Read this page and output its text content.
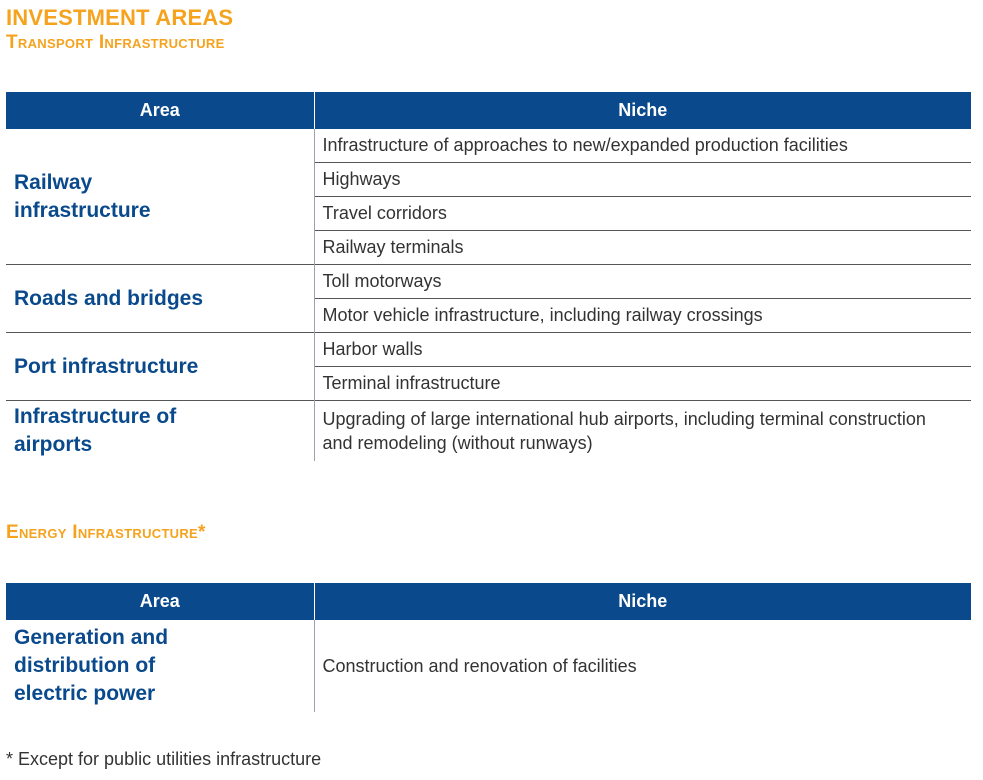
INVESTMENT AREAS
Transport Infrastructure
Area	Niche
Railway infrastructure	Infrastructure of approaches to new/expanded production facilities
	Highways
	Travel corridors
	Railway terminals
Roads and bridges	Toll motorways
	Motor vehicle infrastructure, including railway crossings
Port infrastructure	Harbor walls
	Terminal infrastructure
Infrastructure of airports	Upgrading of large international hub airports, including terminal construction and remodeling (without runways)
Energy Infrastructure*
Area	Niche
Generation and distribution of electric power	Construction and renovation of facilities
* Except for public utilities infrastructure
